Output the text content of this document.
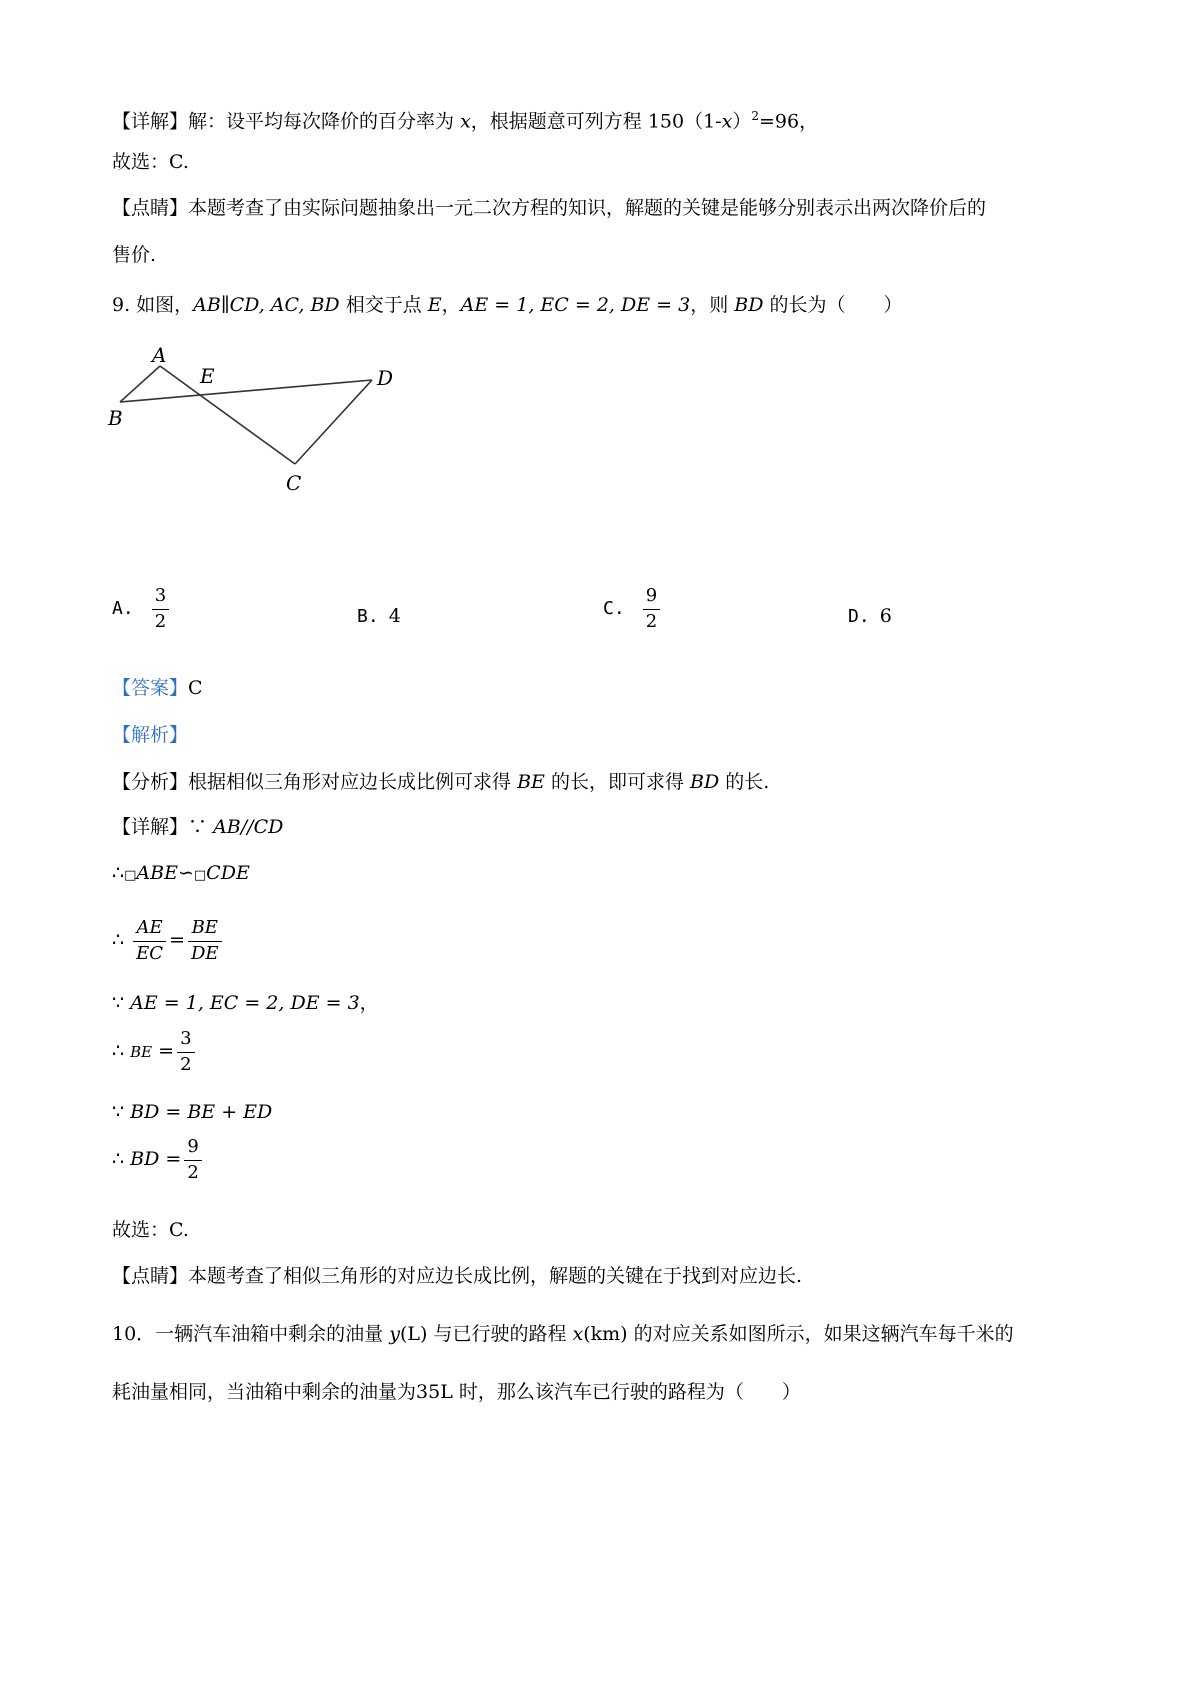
【详解】解：设平均每次降价的百分率为 x，根据题意可列方程 $150(1-x)^2=96$，
故选：C.
【点睛】本题考查了由实际问题抽象出一元二次方程的知识，解题的关键是能够分别表示出两次降价后的
售价.
9. 如图，AB∥CD, AC, BD 相交于点 E，AE = 1, EC = 2, DE = 3，则 BD 的长为（　　）
A
B
C
D
E
A. $\frac{3}{2}$	B. 4	C. $\frac{9}{2}$	D. 6
【答案】C
【解析】
【分析】根据相似三角形对应边长成比例可求得 BE 的长，即可求得 BD 的长.
【详解】∵ AB//CD
∴□ABE∽□CDE
∴ $\frac{AE}{EC} = \frac{BE}{DE}$
∵ AE = 1, EC = 2, DE = 3，
∴ BE = $\frac{3}{2}$
∵ BD = BE + ED
∴ BD = $\frac{9}{2}$
故选：C.
【点睛】本题考查了相似三角形的对应边长成比例，解题的关键在于找到对应边长.
10．一辆汽车油箱中剩余的油量 y(L) 与已行驶的路程 x(km) 的对应关系如图所示，如果这辆汽车每千米的
耗油量相同，当油箱中剩余的油量为35L 时，那么该汽车已行驶的路程为（　　）
